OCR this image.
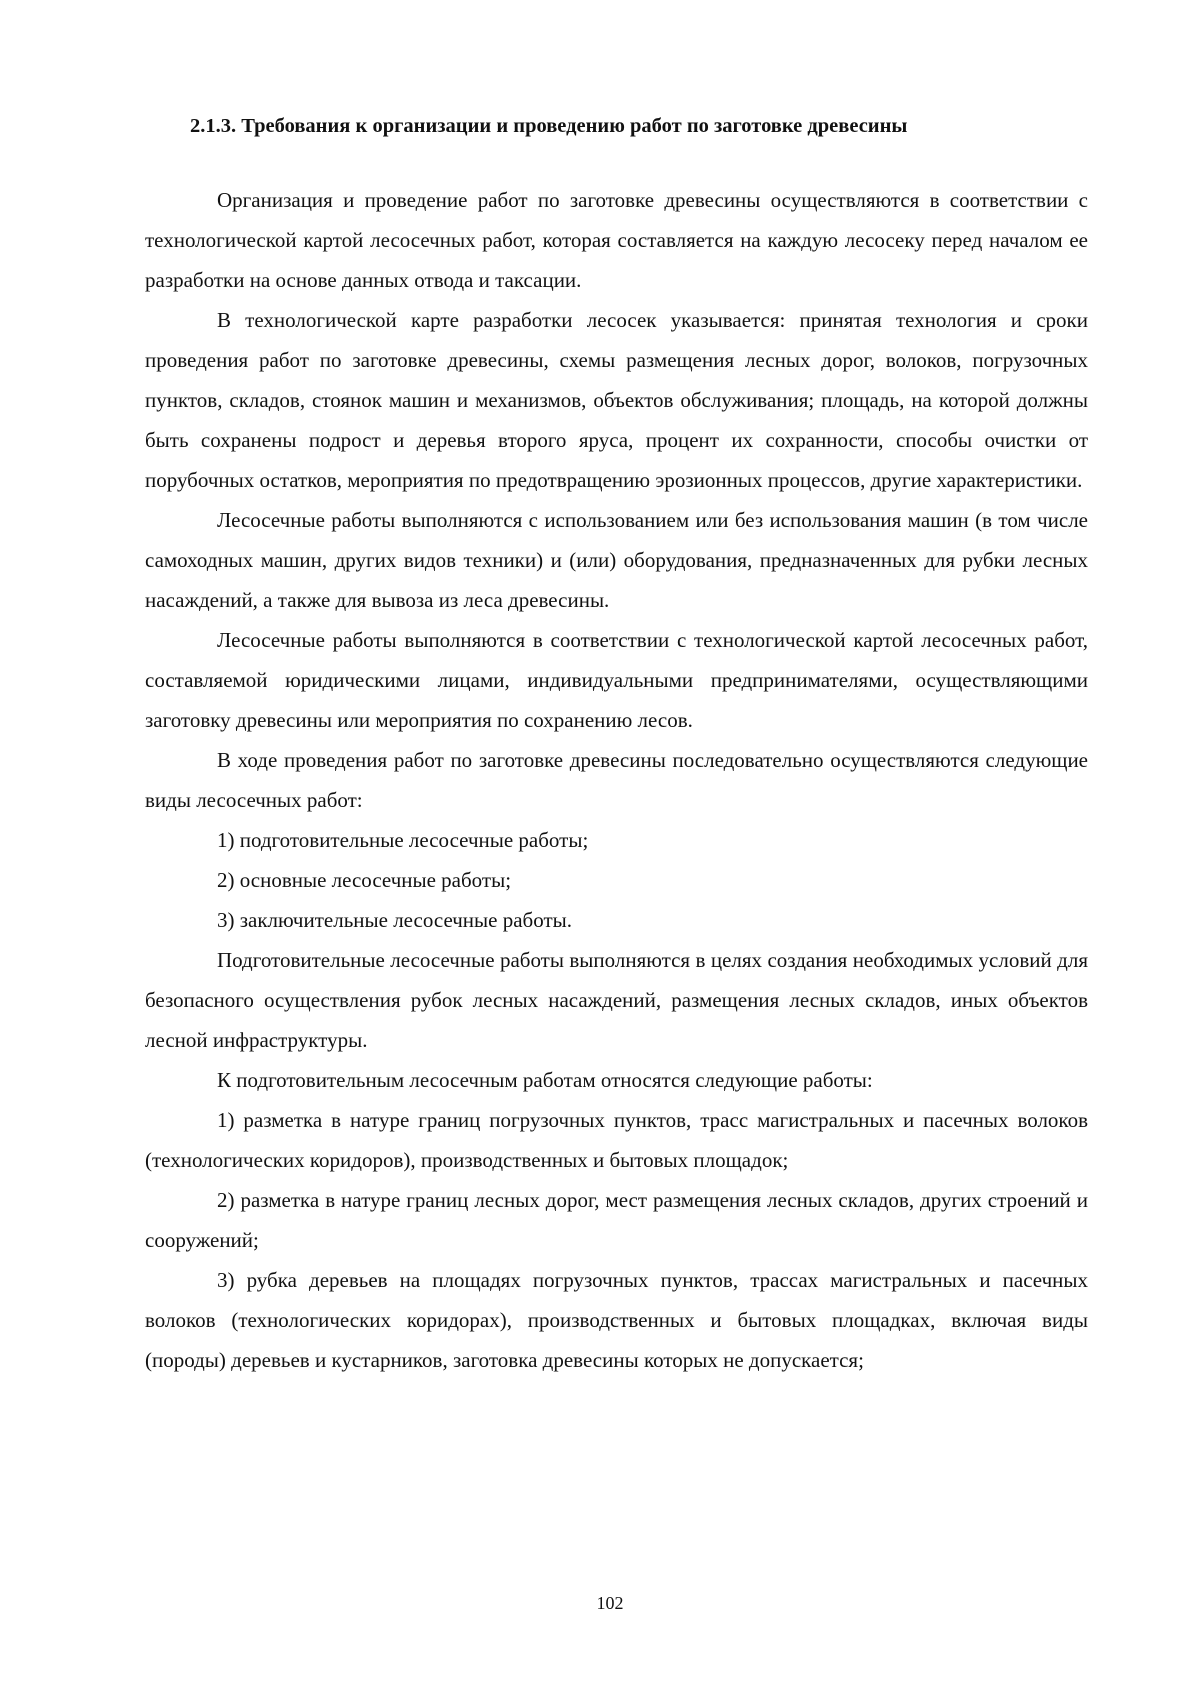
2.1.3. Требования к организации и проведению работ по заготовке древесины

Организация и проведение работ по заготовке древесины осуществляются в соответствии с технологической картой лесосечных работ, которая составляется на каждую лесосеку перед началом ее разработки на основе данных отвода и таксации.

В технологической карте разработки лесосек указывается: принятая технология и сроки проведения работ по заготовке древесины, схемы размещения лесных дорог, волоков, погрузочных пунктов, складов, стоянок машин и механизмов, объектов обслуживания; площадь, на которой должны быть сохранены подрост и деревья второго яруса, процент их сохранности, способы очистки от порубочных остатков, мероприятия по предотвращению эрозионных процессов, другие характеристики.

Лесосечные работы выполняются с использованием или без использования машин (в том числе самоходных машин, других видов техники) и (или) оборудования, предназначенных для рубки лесных насаждений, а также для вывоза из леса древесины.

Лесосечные работы выполняются в соответствии с технологической картой лесосечных работ, составляемой юридическими лицами, индивидуальными предпринимателями, осуществляющими заготовку древесины или мероприятия по сохранению лесов.

В ходе проведения работ по заготовке древесины последовательно осуществляются следующие виды лесосечных работ:

1) подготовительные лесосечные работы;

2) основные лесосечные работы;

3) заключительные лесосечные работы.

Подготовительные лесосечные работы выполняются в целях создания необходимых условий для безопасного осуществления рубок лесных насаждений, размещения лесных складов, иных объектов лесной инфраструктуры.

К подготовительным лесосечным работам относятся следующие работы:

1) разметка в натуре границ погрузочных пунктов, трасс магистральных и пасечных волоков (технологических коридоров), производственных и бытовых площадок;

2) разметка в натуре границ лесных дорог, мест размещения лесных складов, других строений и сооружений;

3) рубка деревьев на площадях погрузочных пунктов, трассах магистральных и пасечных волоков (технологических коридорах), производственных и бытовых площадках, включая виды (породы) деревьев и кустарников, заготовка древесины которых не допускается;

102
